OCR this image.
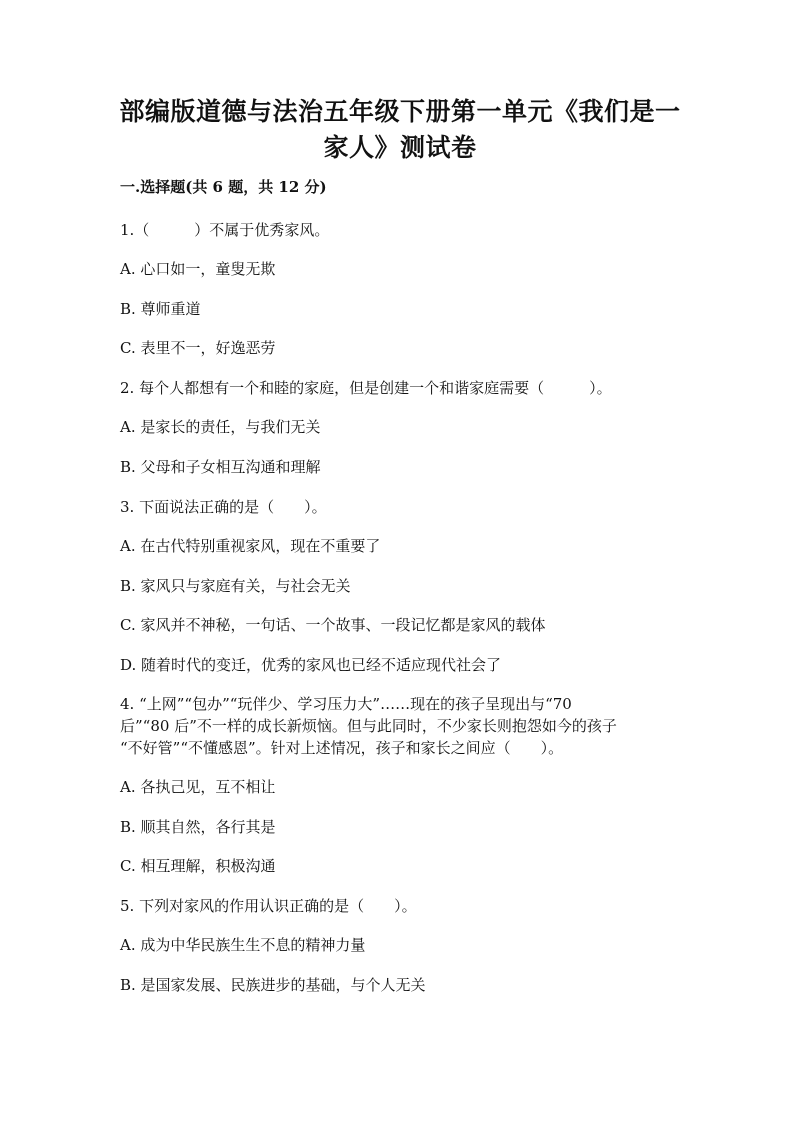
部编版道德与法治五年级下册第一单元《我们是一
家人》测试卷

一.选择题(共 6 题，共 12 分)

1.（　　　）不属于优秀家风。

A. 心口如一，童叟无欺

B. 尊师重道

C. 表里不一，好逸恶劳

2. 每个人都想有一个和睦的家庭，但是创建一个和谐家庭需要（　　　）。

A. 是家长的责任，与我们无关

B. 父母和子女相互沟通和理解

3. 下面说法正确的是（　　）。

A. 在古代特别重视家风，现在不重要了

B. 家风只与家庭有关，与社会无关

C. 家风并不神秘，一句话、一个故事、一段记忆都是家风的载体

D. 随着时代的变迁，优秀的家风也已经不适应现代社会了

4. “上网”“包办”“玩伴少、学习压力大”……现在的孩子呈现出与“70

后”“80 后”不一样的成长新烦恼。但与此同时，不少家长则抱怨如今的孩子

“不好管”“不懂感恩”。针对上述情况，孩子和家长之间应（　　）。

A. 各执己见，互不相让

B. 顺其自然，各行其是

C. 相互理解，积极沟通

5. 下列对家风的作用认识正确的是（　　）。

A. 成为中华民族生生不息的精神力量

B. 是国家发展、民族进步的基础，与个人无关
